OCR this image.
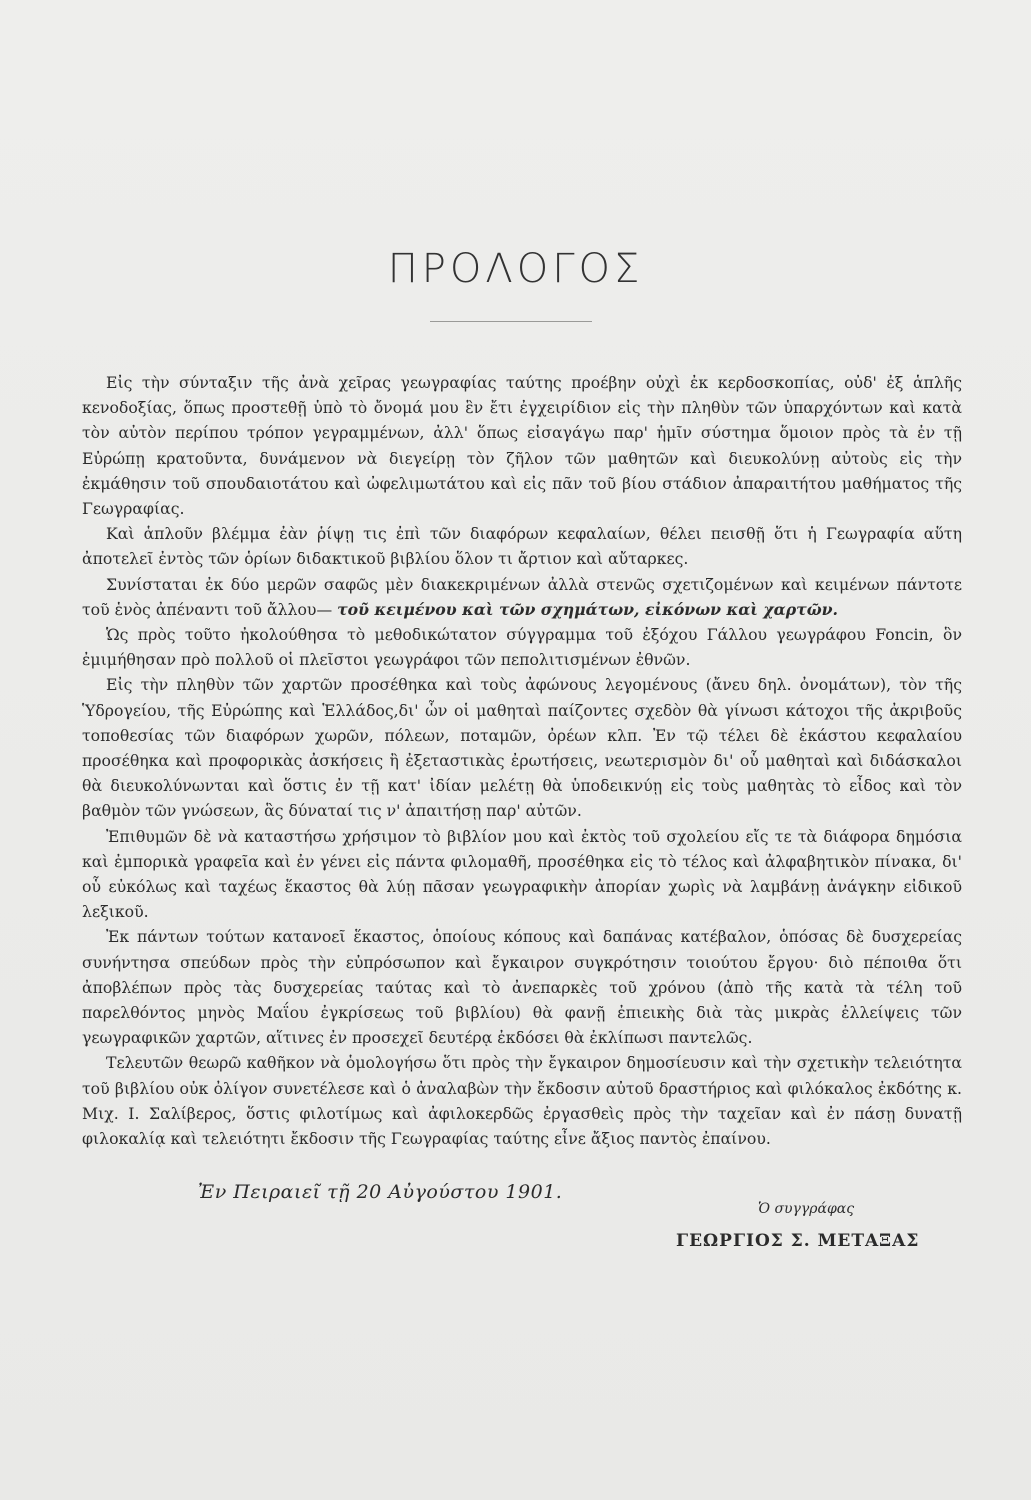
ΠΡΟΛΟΓΟΣ

Εἰς τὴν σύνταξιν τῆς ἀνὰ χεῖρας γεωγραφίας ταύτης προέβην οὐχὶ ἐκ κερδοσκοπίας, οὐδ' ἐξ ἁπλῆς κενοδοξίας, ὅπως προστεθῇ ὑπὸ τὸ ὄνομά μου ἓν ἔτι ἐγχειρίδιον εἰς τὴν πληθὺν τῶν ὑπαρχόντων καὶ κατὰ τὸν αὐτὸν περίπου τρόπον γεγραμμένων, ἀλλ' ὅπως εἰσαγάγω παρ' ἡμῖν σύστημα ὅμοιον πρὸς τὰ ἐν τῇ Εὐρώπῃ κρατοῦντα, δυνάμενον νὰ διεγείρῃ τὸν ζῆλον τῶν μαθητῶν καὶ διευκολύνῃ αὐτοὺς εἰς τὴν ἐκμάθησιν τοῦ σπουδαιοτάτου καὶ ὠφελιμωτάτου καὶ εἰς πᾶν τοῦ βίου στάδιον ἀπαραιτήτου μαθήματος τῆς Γεωγραφίας.

Καὶ ἁπλοῦν βλέμμα ἐὰν ῥίψῃ τις ἐπὶ τῶν διαφόρων κεφαλαίων, θέλει πεισθῇ ὅτι ἡ Γεωγραφία αὕτη ἀποτελεῖ ἐντὸς τῶν ὁρίων διδακτικοῦ βιβλίου ὅλον τι ἄρτιον καὶ αὔταρκες.

Συνίσταται ἐκ δύο μερῶν σαφῶς μὲν διακεκριμένων ἀλλὰ στενῶς σχετιζομένων καὶ κειμένων πάντοτε τοῦ ἑνὸς ἀπέναντι τοῦ ἄλλου— τοῦ κειμένου καὶ τῶν σχημάτων, εἰκόνων καὶ χαρτῶν.

Ὡς πρὸς τοῦτο ἠκολούθησα τὸ μεθοδικώτατον σύγγραμμα τοῦ ἐξόχου Γάλλου γεωγράφου Foncin, ὃν ἐμιμήθησαν πρὸ πολλοῦ οἱ πλεῖστοι γεωγράφοι τῶν πεπολιτισμένων ἐθνῶν.

Εἰς τὴν πληθὺν τῶν χαρτῶν προσέθηκα καὶ τοὺς ἀφώνους λεγομένους (ἄνευ δηλ. ὀνομάτων), τὸν τῆς Ὑδρογείου, τῆς Εὐρώπης καὶ Ἑλλάδος,δι' ὧν οἱ μαθηταὶ παίζοντες σχεδὸν θὰ γίνωσι κάτοχοι τῆς ἀκριβοῦς τοποθεσίας τῶν διαφόρων χωρῶν, πόλεων, ποταμῶν, ὀρέων κλπ. Ἐν τῷ τέλει δὲ ἑκάστου κεφαλαίου προσέθηκα καὶ προφορικὰς ἀσκήσεις ἢ ἐξεταστικὰς ἐρωτήσεις, νεωτερισμὸν δι' οὗ μαθηταὶ καὶ διδάσκαλοι θὰ διευκολύνωνται καὶ ὅστις ἐν τῇ κατ' ἰδίαν μελέτῃ θὰ ὑποδεικνύῃ εἰς τοὺς μαθητὰς τὸ εἶδος καὶ τὸν βαθμὸν τῶν γνώσεων, ἃς δύναταί τις ν' ἀπαιτήσῃ παρ' αὐτῶν.

Ἐπιθυμῶν δὲ νὰ καταστήσω χρήσιμον τὸ βιβλίον μου καὶ ἐκτὸς τοῦ σχολείου εἴς τε τὰ διάφορα δημόσια καὶ ἐμπορικὰ γραφεῖα καὶ ἐν γένει εἰς πάντα φιλομαθῆ, προσέθηκα εἰς τὸ τέλος καὶ ἀλφαβητικὸν πίνακα, δι' οὗ εὐκόλως καὶ ταχέως ἕκαστος θὰ λύῃ πᾶσαν γεωγραφικὴν ἀπορίαν χωρὶς νὰ λαμβάνῃ ἀνάγκην εἰδικοῦ λεξικοῦ.

Ἐκ πάντων τούτων κατανοεῖ ἕκαστος, ὁποίους κόπους καὶ δαπάνας κατέβαλον, ὁπόσας δὲ δυσχερείας συνήντησα σπεύδων πρὸς τὴν εὐπρόσωπον καὶ ἔγκαιρον συγκρότησιν τοιούτου ἔργου· διὸ πέποιθα ὅτι ἀποβλέπων πρὸς τὰς δυσχερείας ταύτας καὶ τὸ ἀνεπαρκὲς τοῦ χρόνου (ἀπὸ τῆς κατὰ τὰ τέλη τοῦ παρελθόντος μηνὸς Μαΐου ἐγκρίσεως τοῦ βιβλίου) θὰ φανῇ ἐπιεικὴς διὰ τὰς μικρὰς ἐλλείψεις τῶν γεωγραφικῶν χαρτῶν, αἵτινες ἐν προσεχεῖ δευτέρᾳ ἐκδόσει θὰ ἐκλίπωσι παντελῶς.

Τελευτῶν θεωρῶ καθῆκον νὰ ὁμολογήσω ὅτι πρὸς τὴν ἔγκαιρον δημοσίευσιν καὶ τὴν σχετικὴν τελειότητα τοῦ βιβλίου οὐκ ὀλίγον συνετέλεσε καὶ ὁ ἀναλαβὼν τὴν ἔκδοσιν αὐτοῦ δραστήριος καὶ φιλόκαλος ἐκδότης κ. Μιχ. Ι. Σαλίβερος, ὅστις φιλοτίμως καὶ ἀφιλοκερδῶς ἐργασθεὶς πρὸς τὴν ταχεῖαν καὶ ἐν πάσῃ δυνατῇ φιλοκαλίᾳ καὶ τελειότητι ἔκδοσιν τῆς Γεωγραφίας ταύτης εἶνε ἄξιος παντὸς ἐπαίνου.

Ἐν Πειραιεῖ τῇ 20 Αὐγούστου 1901.
Ὁ συγγράφας
ΓΕΩΡΓΙΟΣ Σ. ΜΕΤΑΞΑΣ
